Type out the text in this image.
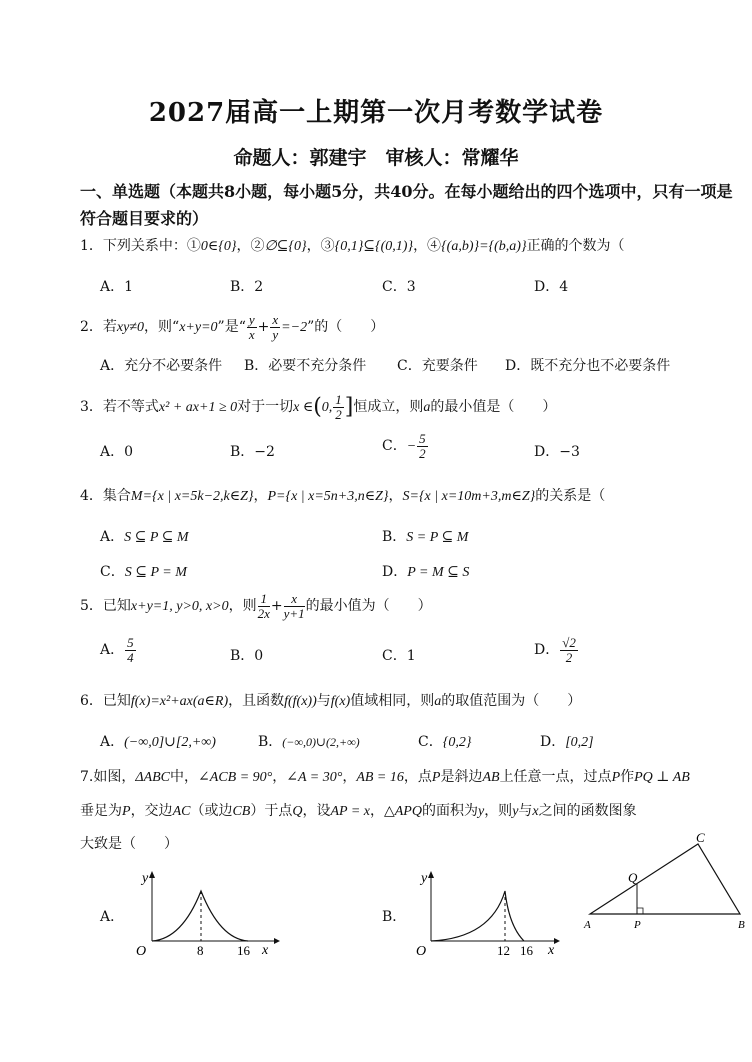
2027届高一上期第一次月考数学试卷
命题人：郭建宇　审核人：常耀华
一、单选题（本题共8小题，每小题5分，共40分。在每小题给出的四个选项中，只有一项是符合题目要求的）
1．下列关系中：①0∈{0}，②∅⊆{0}，③{0,1}⊆{(0,1)}，④{(a,b)}={(b,a)}正确的个数为（
A．1	B．2	C．3	D．4
2．若xy≠0，则“x+y=0”是“ $\frac{y}{x} + \frac{x}{y} =-2$”的（　　）
A．充分不必要条件 B．必要不充分条件 C．充要条件 D．既不充分也不必要条件
3．若不等式x² + ax+1 ≥ 0对于一切x ∈(0, $\frac{1}{2}$ ]恒成立，则a的最小值是（　　）
A．0	B．−2	C．− $\frac{5}{2}$	D．−3
4．集合M={x | x=5k−2,k∈Z}，P={x | x=5n+3,n∈Z}，S={x | x=10m+3,m∈Z}的关系是（
A．S ⊆ P ⊆ M	B．S = P ⊆ M
C．S ⊆ P = M	D．P = M ⊆ S
5．已知x+y=1, y>0, x>0，则 $\frac{1}{2x} + \frac{x}{y+1}$ 的最小值为（　　）
A． $\frac{5}{4}$	B．0	C．1	D． $\frac{√2}{2}$
6．已知f(x)=x²+ax(a∈R)，且函数f(f(x))与f(x)值域相同，则a的取值范围为（　　）
A．(−∞,0]∪[2,+∞)	B．(−∞,0)∪(2,+∞)	C．{0,2}	D．[0,2]
7.如图，ΔABC中，∠ACB = 90°，∠A = 30°，AB = 16，点P是斜边AB上任意一点，过点P作PQ ⊥ AB
垂足为P，交边AC（或边CB）于点Q，设AP = x，△APQ的面积为y，则y与x之间的函数图象
大致是（　　）
A．	B．
y
x
O	8	16
y
x
O	12 16
C
Q
A	P	B
